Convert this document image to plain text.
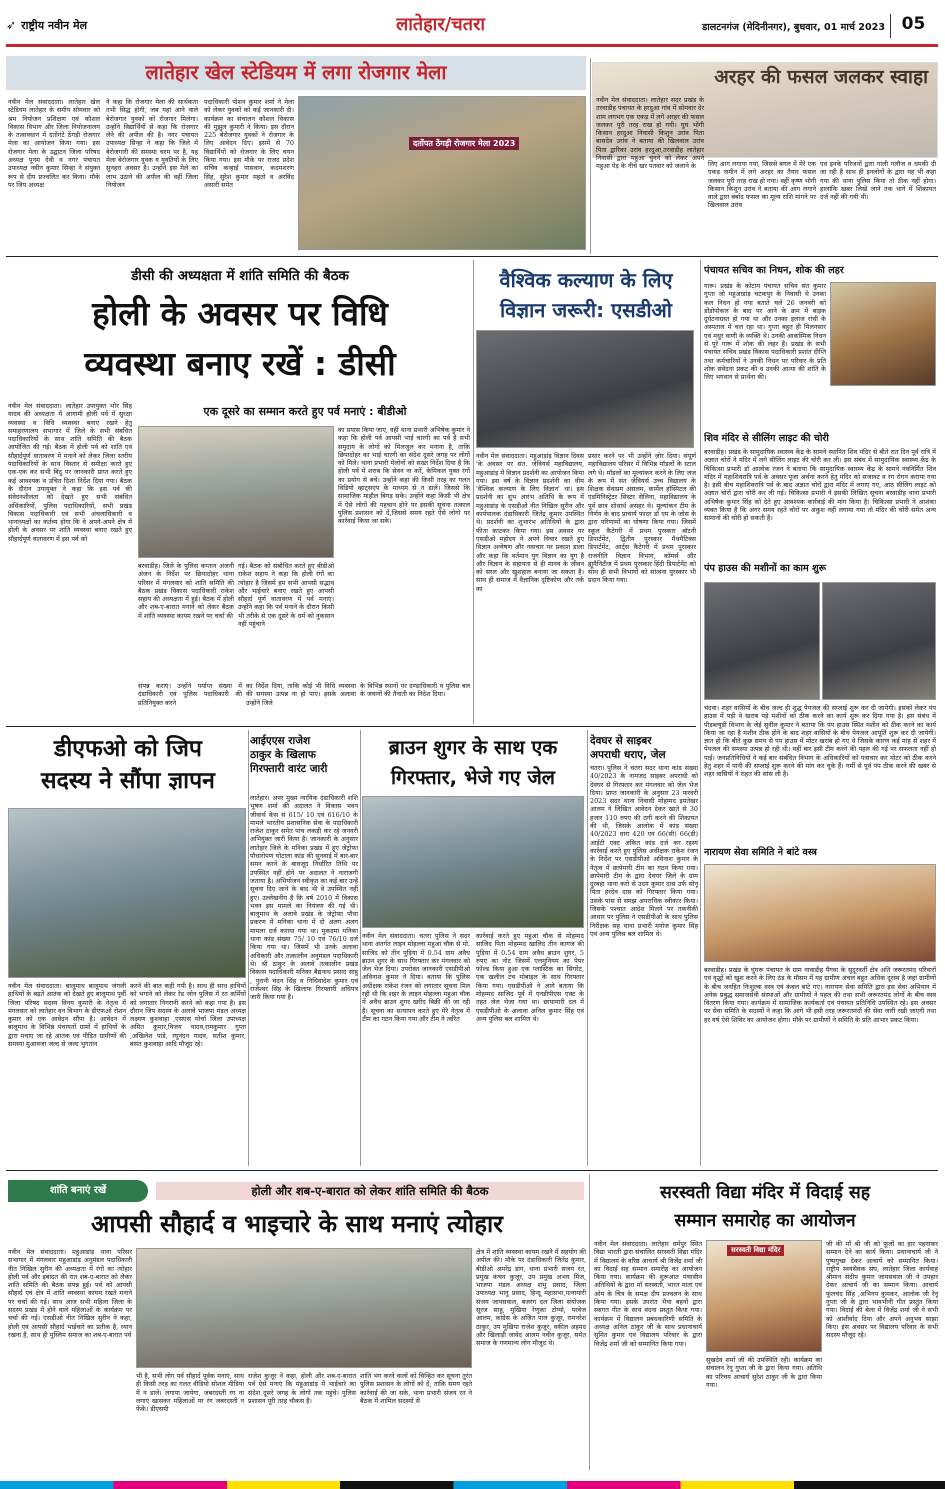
➶ राष्ट्रीय नवीन मेल	लातेहार/चतरा	डालटनगंज (मेदिनीनगर), बुधवार, 01 मार्च 2023 05
लातेहार खेल स्टेडियम में लगा रोजगार मेला
नवीन मेल संवाददाता। लातेहार खेल स्टेडियम लातेहार के समीप सोमवार को श्रम नियोजन प्रशिक्षण एवं कौशल विकास विभाग और जिला नियोजनालय के तत्वावधान में दतोंगंटे ठेंगड़ी रोजगार मेला का आयोजन किया गया। इस रोजगार मेला के उद्घाटन जिला परिषद अध्यक्ष पूनम देवी व नगर पंचायत उपाध्यक्ष नवीन कुमार सिन्हा ने संयुक्त रूप से दीप प्रज्वलित कर किया। मौके पर जिप अध्यक्ष
ने कहा कि रोजगार मेला की सार्थकता तभी सिद्ध होगी, जब यहां आने वाले बेरोजगार युवकों को रोजगार मिलेगा। उन्होंने विद्यार्थियों से कहा कि रोजगार लेने की अपील की है। नगर पंचायत उपाध्यक्ष सिन्हा ने कहा कि जिले में बेरोजगारी की समस्या चरम पर है, यह मेला बेरोजगार युवक व युवतियों के लिए सुनहरा अवसर है। उन्होंने इस मेले का लाभ उठाने की अपील की वहीं जिला नियोजन
पदाधिकारी पोशन कुमार शर्मा ने मेला को लेकर युवकों को कई जानकारी दी। कार्यक्रम का संचालन कौशल विकास की मुझुल कुमारी ने किया। इस दौरान 225 बेरोजगार युवकों ने रोजगार के लिए आवेदन दिए। इसमें से 70 विद्यार्थियों को रोजगार के लिए चयन किया गया। इस मौके पर राजद प्रदेश सचिव कन्हाई पासवान, कदमशरण सिंह, सुरेश कुमार महतो व अरविंद अंसारी समेत
दतोंपत ठेंगड़ी रोजगार मेला 2023
अरहर की फसल जलकर स्वाहा
नवीन मेल संवाददाता। लातेहार सदर प्रखंड के तरवाडीह पंचायत के हरदुआ गांव में सोमवार देर शाम लगभग एक एकड़ में लगे अरहर की फसल जलकर पूरी तरह राख हो गयी। घुघ भोंगी किसान हरदुआ निवासी किशुन उरांव पिता बासदेव उरांव ने बताया की खिलवाल उरांव पिता द्वारिका उरांव हरदुआ,तरवाडीह लातेहार निवासी द्वारा महुआ चुनने को लेकर अपने महुआ पेड़ के नीचे खर पतवार को जलाने के	लिए आग लगाया गया, जिससे बगल में मेरे एक एकड़ जमीन में लगे अरहर का तैयार फसल जलकर पूरी तरह राख हो गया। वहीं कृष्ण भोगी किसान किशुन उरांव ने बताया की आग लगाने वाले द्वारा बर्बाद फसल का मूल्य राशि मांगने पर खिलवाल उरांव
एवं इनके परिजनों द्वारा गाली गलौज व धमकी दी जा रही है साथ ही इनलोगों के द्वारा यह भी कहा गया की थाना पुलिस किया तो ठीक नहीं होगा। हालांकि खबर लिखे जाने तक थाने में शिकायत दर्ज नहीं की गयी थी।
डीसी की अध्यक्षता में शांति समिति की बैठक
होली के अवसर पर विधि
व्यवस्था बनाए रखें : डीसी
नवीन मेल संवाददाता। लातेहार उपायुक्त भोर सिंह यादव की अध्यक्षता में आगामी होली पर्व में सुरक्षा व्यवस्था व विधि व्यवस्था बनाए रखने हेतु समाहरणालय सभागार में जिले के सभी संबंधित पदाधिकारियों के साथ शांति समिति की बैठक आयोजित की गई। बैठक में होली पर्व को शांति एवं सौहार्दपूर्ण वातावरण में मनाने को लेकर जिला स्तरीय पदाधिकारियों के साथ विस्तार से समीक्षा करते हुए एक-एक कर सभी बिंदु पर जानकारी प्राप्त करते हुए कई आवश्यक व उचित दिशा निर्देश दिया गया। बैठक के दौरान उपायुक्त ने कहा कि इस पर्व की संवेदनशीलता को देखते हुए सभी संबंधित अधिकारियों, पुलिस पदाधिकारियों, सभी प्रखंड विकास पदाधिकारी एवं सभी अंचलाधिकारी व थानाध्यक्षों का कर्तव्य होगा कि वे अपने-अपने क्षेत्र में होली के अवसर पर शांति व्यवस्था बनाए रखते हुए सौहार्दपूर्ण वातावरण में इस पर्व को
एक दूसरे का सम्मान करते हुए पर्व मनाएं : बीडीओ
बरवाडीह। जिले के पुलिस कप्तान अंजनी अंजन के निर्देश पर छिपादोहर थाना परिसर में मंगलवार को शांति समिति की बैठक प्रखंड विकास पदाधिकारी राकेश सहाय की अध्यक्षता में हुई। बैठक में होली और शब-ए-बारात मनाने को लेकर बैठक में शांति व्यवस्था कायम रखने पर चर्चा की
गई। बैठक को संबोधित करते हुए बीडीओ राकेश सहाय ने कहा कि होली रंगों का त्योहार है जिसमें हम सभी आपसी सद्भाव और भाईचारे बनाए रखते हुए आपसी सौहार्द पूर्ण वातावरण में पर्व मनाएं। उन्होंने कहा कि पर्व मनाने के दौरान किसी भी तरीके से एक दूसरे के धर्म को नुकसान नहीं पहुंचाने
का प्रयास किया जाए, वहीं थाना प्रभारी अभिषेक कुमार ने कहा कि होली पर्व आपसी भाई चारगी का पर्व है सभी समुदाय के लोगों को मिलजुल कर मनाना है, ताकि छिपादोहर का भाई चारगी का संदेश दूसरे जगह पर लोगों को मिले। थाना प्रभारी मेलोनों को सख्त निर्देश दिया है कि होली पर्व में शराब कि सेवन ना करें, केमिकल युक्त रंगों का प्रयोग से बचें। उन्होंने कहा की किसी तरह का गलत विडियो व्हाट्सएप के माध्यम से न डालें। जिससे कि सामाजिक माहौल बिगड़ सके। उन्होंने कहा किसी भी क्षेत्र में ऐसे लोगों की पहचान होने पर इसकी सूचना तत्काल पुलिस प्रशासन को दें,जिससे समय रहते ऐसे लोगो पर कार्रवाई किया जा सके।
संपन्न कराएं। उन्होंने पर्याप्त संख्या में दंडाधिकारी एवं पुलिस पदाधिकारी की प्रतिनियुक्त करने
का निर्देश दिया, ताकि कोई भी विधि व्यवस्था की समस्या उत्पन्न ना हो पाए। इसके अलावा उन्होंने जिले
के विभिन्न स्थानों पर दण्डाधिकारी व पुलिस बल के जवानों की तैनाती का निदेश दिया।
वैश्विक कल्याण के लिए
विज्ञान जरूरी: एसडीओ
नवीन मेल संवाददाता। महुआडांड़ विज्ञान दिवस 'के अवसर पर संत. जेवियर्स महाविद्यालय, महुआडांड़ में विज्ञान प्रदर्शनी का आयोजन किया गया। इस वर्ष के विज्ञान प्रदर्शनी का थीम 'वैश्विक कल्याण के लिए विज्ञान' था। इस प्रदर्शनी का शुभ आरंभ अतिथि के रूप में महुआडांड़ के एसडीओ नीत निखिल सुरीन और कार्यपालक दंडाधिकारी जितेंद्र कुमार उपस्थित थे। प्रदर्शनी का शुभारंभ अतिथियों के द्वारा फीता काटकर किया गया। इस अवसर पर एसडीओ महोदय ने अपने विचार रखते हुए विज्ञान अन्वेषण और नवाचार पर प्रकाश डाला और कहा कि वर्तमान युग विज्ञान का युग है और विज्ञान के सहायता से ही मानव के जीवन को सरल और खुशहाल बनाया जा सकता है। साथ ही समाज में वैज्ञानिक दृष्टिकोण और तर्क का
प्रसार करने पर भी उन्होंने ज़ोर दिया। संपूर्ण महाविद्यालय परिसर में विभिन्न मॉडलों के स्टाल लगे थे। मॉडलों का मूल्यांकन करने के लिए जज के रूप में संत जेवियर्स उच्च विद्यालय के शिक्षक सेवाप्रम असलम, कार्मेल हॉस्पिटल की एडमिनिस्ट्रेटर सिस्टर सेलिना, महाविद्यालय के पूर्व छात्र शोधार्थ असहर थे। मूल्यांकन टीम के निर्णय के बाद प्राचार्य फादर डॉ एम के जोस के द्वारा परिणामों का घोषणा किया गया। जिसमें स्कूल कैटेगरी में प्रथम पुरस्कार बॉटनी डिपार्टमेंट, द्वितीय पुरस्कार मैथमैटिक्स डिपार्टमेंट, आर्ट्स कैटेगरी में प्रथम पुरस्कार राजनीति विज्ञान विभाग, कॉमर्स और ह्यूमैनिटीज में प्रथम पुरस्कार हिंदी डिपार्टमेंट को साथ ही सभी विभागों को सांत्वना पुरस्कार भी प्रदान किया गया।
पंचायत सचिव का निधन, शोक की लहर
गारू। प्रखंड के कोटाम पंचायत सचिव संत कुमार गुप्ता जो महुआडांड़ चटकपुर के निवासी थे उनका कल निधन हो गया बताते चलें 26 जनवरी को डोंडोपोकल के बाद पर आने के क्रम में बाइक दुर्घटनाग्रस्त हो गया था और उनका इलाज रांची के अस्पताल में चल रहा था। गुप्ता बहुत ही मिलनसार एवं मधुर वाणी के व्यक्ति थे। उनकी आकस्मिक निधन से पूरे गारू में शोक की लहर है। प्रखंड के सभी पंचायत सचिव प्रखंड विकास पदाधिकारी प्रशांत दीप्ति तथा कर्मचारियों ने उनकी निधन पर परिवार के प्रति शोक संवेदना प्रकट की व उनकी आत्मा की शांति के लिए भगवान से प्रार्थना की।
शिव मंदिर से सीलिंग लाइट की चोरी
बरवाडीह। प्रखंड के सामुदायिक स्वास्थ्य केंद्र के सामने स्थापित शिव मंदिर से बीते रात दिन पूर्व रात्रि में अज्ञात चोरों ने मंदिर में लगे सीलिंग लाइट की चोरी कर ली। इस संबंध में सामुदायिक स्वास्थ्य केंद्र के चिकित्सा प्रभारी डॉ आलोक रंजन ने बताया कि सामुदायिक स्वास्थ्य केंद्र के सामने नवनिर्मित शिव मंदिर में महाशिवरात्रि पर्व के अवसर पूजा अर्चना करने हेतु मंदिर को सजावट व रंग रोगन कराया गया है। इसी बीच महाशिवरात्रि पर्व के बाद अज्ञात चोरों द्वारा मंदिर में लगाए गए, आठ सीलिंग लाइट को अज्ञात चोरों द्वारा चोरी कर ली गई। चिकित्सा प्रभारी ने इसकी लिखित सूचना बरवाडीह थाना प्रभारी अभिषेक कुमार सिंह को देते हुए आवश्यक कार्रवाई की मांग किया है। चिकित्सा प्रभारी ने आशंका व्यक्त किया है कि अगर समय रहते चोरों पर अंकुश नहीं लगाया गया तो मंदिर की चोरी समेत अन्य सामानों की चोरी हो सकती है।
पंप हाउस की मशीनों का काम शुरू
चंदवा। शहर वासियों के बीच जल्द ही शुद्ध पेयजल की सप्लाई शुरू कर दी जायेगी। इसको लेकर पंप हाउस में पड़ी वे खराब पड़े मशीनों को ठीक करने का कार्य शुरू कर दिया गया है। इस संबंध में पीडब्ल्यूडी विभाग के जेई सुनील कुमार ने बताया कि पंप हाउस स्थित मशीन को ठीक करने का कार्य किया जा रहा है मशीन ठीक होने के बाद शहर वासियों के बीच पेयजल आपूर्ति शुरू कर दी जायेगी। ज्ञात हो कि बीते कुछ समय से पंप हाउस में मोटर खराब हो गए थे जिसके कारण कई माह से शहर में पेयजल की समस्या उत्पन्न हो रही थी। वहीं बार इसी टीम करने की पहल की गई पर सफलता नहीं हो पाई। जनप्रतिनिधियों ने कई बार संबंधित विभाग के अधिकारियों को पत्राचार कर मोटर को ठीक करने हेतु शहर में पानी की सप्लाई शुरू करने की मांग कर चुके हैं। गर्मी से पूर्व पंप ठीक करने की खबर से शहर वासियों ने राहत की सांस ली है।
नारायण सेवा समिति ने बांटे वस्त्र
बरवाडीह। प्रखंड के घुंघरू पंचायत के ग्राम नावाडीह पैंगवा के सुदूरवर्ती क्षेत्र अति जरूरतमंद परिवारों एवं वृद्धों को खुश करने के लिए ठंड के मौसम में यह ग्रामीण अंचल बहुत अधिक दूरस्थ है जहां ग्रामीणों के बीच जनहित निःशुल्क वस्त्र एवं कंबल बांटे गए। नारायण सेवा समिति द्वारा इस सेवा अभियान में अनेक प्रबुद्ध समाजसेवी संस्थाओं और ग्रामीणों ने पहल की तथा सभी जरूरतमंद लोगों के बीच वस्त्र वितरण किया गया। कार्यक्रम में सामाजिक कार्यकर्ता एवं पंचायत प्रतिनिधि उपस्थित रहे। इस अवसर पर सेवा समिति के सदस्यों ने कहा कि आगे भी इसी तरह जरूरतमंदों की सेवा जारी रखी जाएगी तथा हर वर्ष ऐसे शिविर का आयोजन होगा। मौके पर ग्रामीणों ने समिति के प्रति आभार प्रकट किया।
डीएफओ को जिप
सदस्य ने सौंपा ज्ञापन
नवीन मेल संवाददाता। बालूमाथ बालूमाथ जंगली हाथियों के बढ़ते आतंक को देखते हुए बालूमाथ पूर्वी जिला परिषद सदस्य विनय कुमारी के नेतृत्व में मंगलवार को लातेहार वन विभाग के डीएफओ रोशन कुमार को एक आवेदन सौंपा है। आवेदन में बालूमाथ के विभिन्न पंचायतों ग्रामों में हाथियों के द्वारा मचाए जा रहे आतंक एवं पीड़ित ग्रामीणों की समस्या मुआवजा जल्द से जल्द भुगतान
करने की बात कही गयी है। साथ ही साथ हाथियों को भगाने को लेकर रेड जोन पुलिस में रत कर्मियों को लगातार निगरानी करने को कहा गया है। इस दौरान जिप सदस्य के अलावे भाजपा मंडल अध्यक्ष लक्ष्मण कुशवाहा ,एसएस मोर्चा जिला उपाध्यक्ष अमित कुमार,विजय यादव,रामकुमार गुप्ता ,अखिलेश पांडे, रघुनंदन यादव, सतीश कुमार, बसंत कुशवाहा आदि मौजूद रहे।
आईएएस राजेश
ठाकुर के खिलाफ
गिरफ्तारी वारंट जारी
लातेहार। अपर मुख्य न्यायिक दंडाधिकारी शशि भूषण शर्मा की अदालत ने विकास भवन जीवार्थ केस सं 615/ 10 एवं 616/10 के मामले भारतीय प्रशासनिक सेवा के पदाधिकारी राजेश ठाकुर समेत पांच लकड़ी कर रहे जनवरी अभियुक्त जारी किया है। जानकारी के अनुसार लातेहार जिले के मनिका प्रखंड में हुए जेट्रोफा पौधारोपण घोटाला कांड की सुनवाई में बार-बार समन करने के बावजूद निर्धारित तिथि पर उपस्थित नहीं होने पर अदालत ने नाराजगी जताया है। अभियोजन स्वीकृत का कई बार उन्हें सूचना दिए जाने के बाद भी वे उपस्थित नहीं हुए। उल्लेखनीय है कि वर्ष 2010 में विकास भवन इस मामले का नियंत्रण की गई थी। बालूमाथ के अलावे प्रखंड के जेट्रोफा पौधा प्रकरण में मनिका थाना में दो अलग अलग मामला दर्ज कराया गया था। मुकदमा मनिका थाना कांड संख्या 75/ 10 एवं 76/10 दर्ज किया गया था। जिसमें भी उनके अलावा अधिकारी और तत्कालीन अनुमंडल पदाधिकारी थे। श्री ठाकुर के अलावे तत्कालीन प्रखंड विकास पदाधिकारी मनिका बैद्यनाथ प्रसाद साहु , पुरानी चंदन सिंह व निधिवादेश कुमार एवं राजेश्वर सिंह के खिलाफ गिरफ्तारी अधिपत्र जारी किया गया है।
ब्राउन शुगर के साथ एक
गिरफ्तार, भेजे गए जेल
नवीन मेल संवाददाता। चतरा पुलिस ने सदर थाना अंतर्गत लाइन मोहल्ला महुआ चौक से मो. साजिद को तीन पुड़िया में 0.54 ग्राम अवैध ब्राउन शुगर के साथ गिरफ्तार कर मंगलवार को जेल भेज दिया। उपरोक्त जानकारी एसडीपीओ अविनाश कुमार ने दिया। बताया कि पुलिस अधीक्षक राकेश रंजन को लगातार सूचना मिल रही थी कि शहर के लाइन मोहल्ला महुआ चौक में अवैध ब्राउन शुगर खरीद बिक्री की जा रही है। सूचना का सत्यापन करते हुए मेरे नेतृत्व में टीम का गठन किया गया और टीम ने त्वरित
कार्रवाई करते हुए महुआ चौक से मोहम्मद साजिद पिता मोहम्मद खालिद तीन कागज की पुड़िया में 0.54 ग्राम अवैध ब्राउन शुगर, 5 रुपए का नोट जिसमें एलमुनियम का पेपर फोल्ड किया हुआ एक प्लास्टिक का सिगरेट, एक खलील टच मोबाइल के साथ गिरफ्तार किया गया। एसडीपीओ ने आगे बताया कि मोहम्मद साजिद पूर्व में एनडीपीएस एक्ट के तहत जेल भेजा गया था। छापामारी दल में एसडीपीओ के अलावा अनिल कुमार सिंह एवं अन्य पुलिस बल शामिल थे।
देवघर से साइबर
अपराधी धराए, जेल
चतरा। पुलिस ने चतरा सदर थाना कांड संख्या 40/2023 के नामजद साइबर अपराधी को देवघर से गिरफ्तार कर मंगलवार को जेल भेज दिया। प्राप्त जानकारी के अनुसार 23 फरवरी 2023 सदर थाना निवासी मोहम्मद इमतेखर आलम ने लिखित आवेदन देकर खाते से 30 हजार 110 रुपए की ठगी करने की शिकायत की थी, जिसके आलोक में कांड संख्या 40/2023 धारा 420 एवं 66(सी) 66(डी) आईटी एक्ट अंकित कांड दर्ज कर रहस्य कार्रवाई करते हुए पुलिस अधीक्षक राकेश रंजन के निर्देश पर एसडीपीओ अविनाश कुमार के नेतृत्व में छापेमारी टीम का गठन किया गया। छापेमारी टीम के द्वारा देवघर जिले के ग्राम दुरबहा थाना करो से उदय कुमार दास उर्फ सोनू पिता हरदेव दास को गिरफ्तार किया गया। उसके पास से समझ अपराधिक स्वीकार किया। जिसके पश्चात आदेश मिलने पर तकनीकी आधार पर पुलिस ने एसडीपीओ के साथ पुलिस निरीक्षक सह थाना प्रभारी मनोज कुमार सिंह एवं अन्य पुलिस बल शामिल थे।
शांति बनाएं रखें	होली और शब-ए-बारात को लेकर शांति समिति की बैठक
आपसी सौहार्द व भाइचारे के साथ मनाएं त्योहार
नवीन मेल संवाददाता। महुआडांड़ थाना परिसर सभागार में मंगलवार महुआडांड़ अनुमंडल पदाधिकारी नीत निखिल सुरीन की अध्यक्षता में रंगों का त्योहार होली पर्व और इबादत की रात शब-ए-बारात को लेकर शांति समिति की बैठक संपन्न हुई। पर्व को आपसी सौहार्द एवं क्षेत्र में शांति व्यवस्था कायम रखते मनाने पर चर्चा की गई। साथ आज सभी महिला जिला के सदस्य प्रखंड में होने वाले महिलाओं के कार्यक्रम पर चर्चा की गई। एसडीओ नीत निखिल सुरीन ने कहा, होली एवं आपसी सौहार्द भाईचारे का प्रतीक है, ध्यान रखना है, साथ ही मुस्लिम समाज का शब-ए-बारात पर्व
भी है, सभी लोग पर्व सौहार्द पूर्वक मनाएं, साथ ही किसी तरह का गलत वीडियो सोशल मीडिया में न डालें। लगाया जायेगा, जबरदस्ती रंग ना लगाएं खासकर महिलाओं पर रंग जबरदस्ती न फेंकें। डीएसपी
राजेश कुजूर ने कहा, होली और शब-ए-बारात पर्व ऐसे मनाएं कि महुआडांड़ में भाईचारे का संदेश दूसरे जगह के लोगों तक पहुंचे। पुलिस प्रशासन पूरी तरह चौकस है।
शांति भंग करने वालों को चिन्हित कर सूचना तुरंत पुलिस प्रशासन के लोगों को दें, ताकि समय रहते कार्रवाई की जा सके, थाना प्रभारी संजय रत ने बैठक में शामिल सदस्यों से
क्षेत्र में शांति व्यवस्था कायम रखने में सहयोग की अपील की। मौके पर दंडाधिकारी जितेंद्र कुमार, बीडीओ अमरेंद्र डांग, थाना प्रभारी संजय रत, प्रमुख कंचन कुजूर, उप प्रमुख अभय मिंज, भाजपा मंडल अध्यक्ष शंभु प्रसाद, जिला उपाध्यक्ष भानु प्रसाद, हिन्दू महासभा,पत्नामारी संजय जायसवाल, बजरंग दल जिला संयोजक सूरज साहु, मुखिया रेणुका टोप्पो, परवेज आलम, कांग्रेस के अजित पाल कुजूर, रामनरेश ठाकुर, उप मुखिया राजेश कुजूर, वकील अहमद और खिलाड़ी जावेद आलम नवीन कुजूर, समेत समाज के गणमान्य लोग मौजूद थे।
सरस्वती विद्या मंदिर में विदाई सह
सम्मान समारोह का आयोजन
नवीन मेल संवाददाता। लातेहार धर्मपुर स्थित विद्या भारती द्वारा संचालित सरस्वती विद्या मंदिर में विद्यालय के वरिष्ठ आचार्य श्री विजेंद्र शर्मा जी का विदाई सह सम्मान समारोह का आयोजन किया गया। कार्यक्रम की शुरूआत मंचासीन अतिथियों के द्वारा माँ सरस्वती, भारत माता एवं ओम के चित्र के समक्ष दीप प्रज्वलन के साथ किया गया। इसके उपरांत भैया बहनों द्वारा स्वागत गीत के साथ वंदना प्रस्तुत किया गया। कार्यक्रम में विद्यालय प्रबंधकारिणी समिति के अध्यक्ष अनिल ठाकुर जी के साथ प्रधानाचार्य सुमित कुमार एवं विद्यालय परिवार के द्वारा विजेंद्र शर्मा जी को सम्मानित किया गया।
सरस्वती विद्या मंदिर
सुखदेव शर्मा जी की उपस्थिति रही। कार्यक्रम का संचालन रेनू गुप्ता जी के द्वारा किया गया। अतिथि का परिचय आचार्य सुरेश ठाकुर जी के द्वारा किया गया।
जी की माँ श्री जी को फूलों का हार पहनाकर सम्मान देने का कार्य किया। प्रधानाचार्य जी ने पुष्पगुच्छ देकर आचार्य को सम्मानित किया। राष्ट्रीय स्वयंसेवक संघ, लातेहार जिला कार्यवाह श्रीमान संदीप कुमार जायसवाल जी ने उपहार देकर आचार्य जी का सम्मान किया। आचार्य फूलचंद सिंह ,अभिनय कुमकर, आलोक जी रेनू गुप्ता जी के द्वारा भावभीनी गीत प्रस्तुत किया गया। विदाई की बेला में विजेंद्र शर्मा जी ने सभी को आशीर्वाद दिया और अपने अनुभव साझा किए। इस अवसर पर विद्यालय परिवार के सभी सदस्य मौजूद रहे।
